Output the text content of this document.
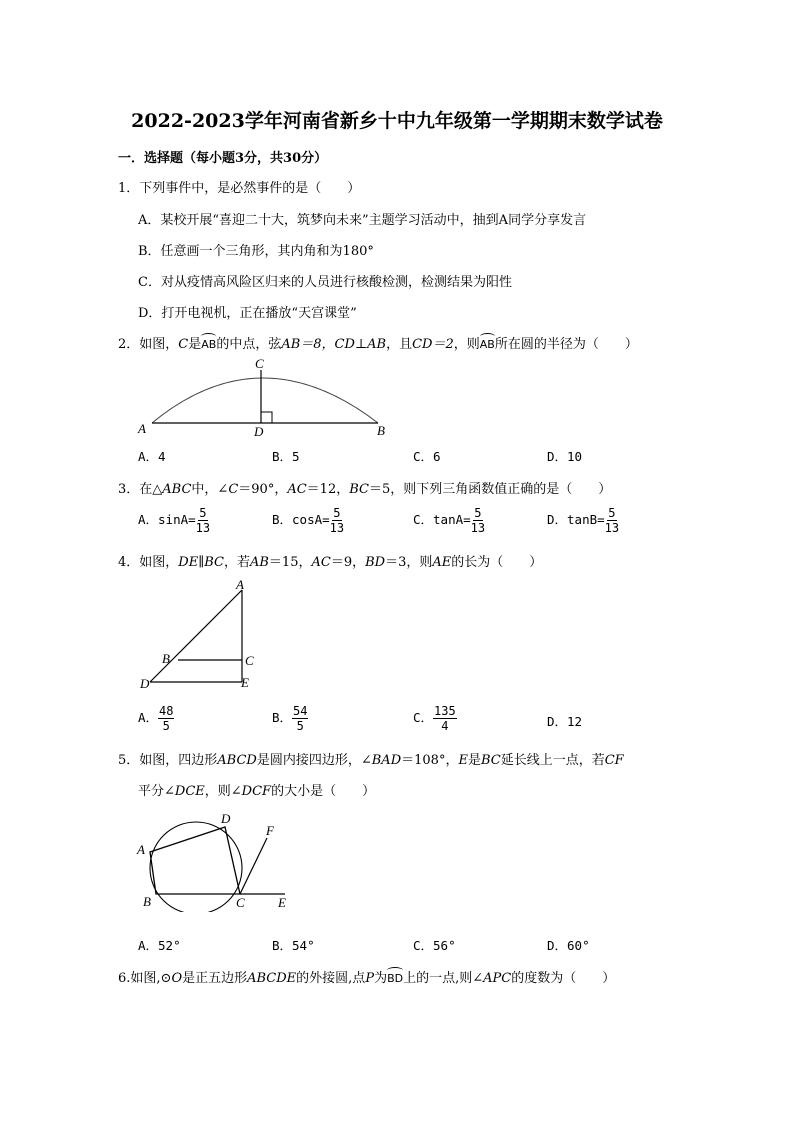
2022-2023学年河南省新乡十中九年级第一学期期末数学试卷
一．选择题（每小题3分，共30分）
1．下列事件中，是必然事件的是（　　）
A．某校开展“喜迎二十大，筑梦向未来”主题学习活动中，抽到A同学分享发言
B．任意画一个三角形，其内角和为180°
C．对从疫情高风险区归来的人员进行核酸检测，检测结果为阳性
D．打开电视机，正在播放“天宫课堂”
2．如图，C是AB的中点，弦AB＝8，CD⊥AB，且CD＝2，则AB所在圆的半径为（　　）
A	B
C
D
A．4	B．5	C．6	D．10
3．在△ABC中，∠C＝90°，AC＝12，BC＝5，则下列三角函数值正确的是（　　）
A．$\sin A= \frac{5}{13}$	B．$\cos A= \frac{5}{13}$	C．$\tan A= \frac{5}{13}$	D．$\tan B= \frac{5}{13}$
4．如图，DE∥BC，若AB＝15，AC＝9，BD＝3，则AE的长为（　　）
A
B	C
D	E
A． $\frac{48}{5}$	B． $\frac{54}{5}$	C． $\frac{135}{4}$	D．12
5．如图，四边形ABCD是圆内接四边形，∠BAD＝108°，E是BC延长线上一点，若CF
平分∠DCE，则∠DCF的大小是（　　）
A
B	C
D
E
F
A．52°	B．54°	C．56°	D．60°
6.如图,⊙O是正五边形ABCDE的外接圆,点P为BD上的一点,则∠APC的度数为（　　）
